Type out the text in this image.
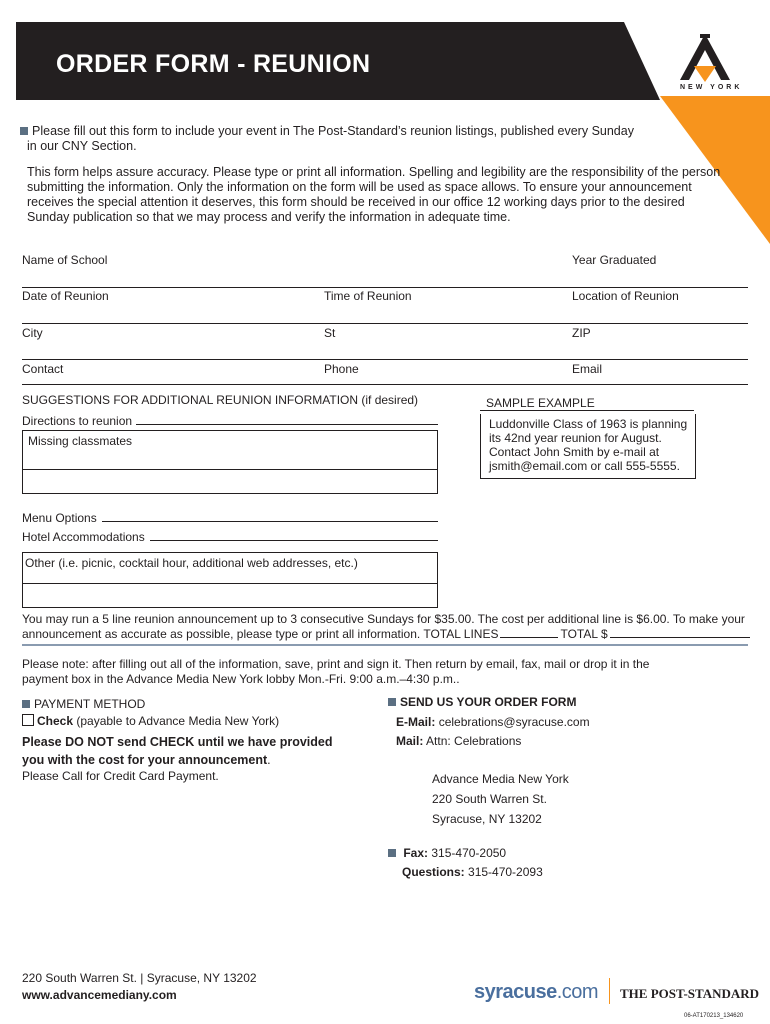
ORDER FORM - REUNION
NEW YORK
Please fill out this form to include your event in The Post-Standard’s reunion listings, published every Sunday
in our CNY Section.
This form helps assure accuracy. Please type or print all information. Spelling and legibility are the responsibility of the person
submitting the information. Only the information on the form will be used as space allows. To ensure your announcement
receives the special attention it deserves, this form should be received in our office 12 working days prior to the desired
Sunday publication so that we may process and verify the information in adequate time.
Name of School	Year Graduated
Date of Reunion	Time of Reunion	Location of Reunion
City	St	ZIP
Contact	Phone	Email
SUGGESTIONS FOR ADDITIONAL REUNION INFORMATION (if desired)
Directions to reunion
Missing classmates
Menu Options
Hotel Accommodations
Other (i.e. picnic, cocktail hour, additional web addresses, etc.)
SAMPLE EXAMPLE
Luddonville Class of 1963 is planning
its 42nd year reunion for August.
Contact John Smith by e-mail at
jsmith@email.com or call 555-5555.
You may run a 5 line reunion announcement up to 3 consecutive Sundays for $35.00. The cost per additional line is $6.00. To make your
announcement as accurate as possible, please type or print all information. TOTAL LINES	TOTAL $
Please note: after filling out all of the information, save, print and sign it. Then return by email, fax, mail or drop it in the
payment box in the Advance Media New York lobby Mon.-Fri. 9:00 a.m.–4:30 p.m..
PAYMENT METHOD
Check (payable to Advance Media New York)
Please DO NOT send CHECK until we have provided
you with the cost for your announcement.
Please Call for Credit Card Payment.
SEND US YOUR ORDER FORM
E-Mail: celebrations@syracuse.com
Mail: Attn: Celebrations
Advance Media New York
220 South Warren St.
Syracuse, NY 13202
Fax: 315-470-2050
Questions: 315-470-2093
220 South Warren St. | Syracuse, NY 13202
www.advancemediany.com	syracuse.com THE POST-STANDARD
06-AT170213_134620
